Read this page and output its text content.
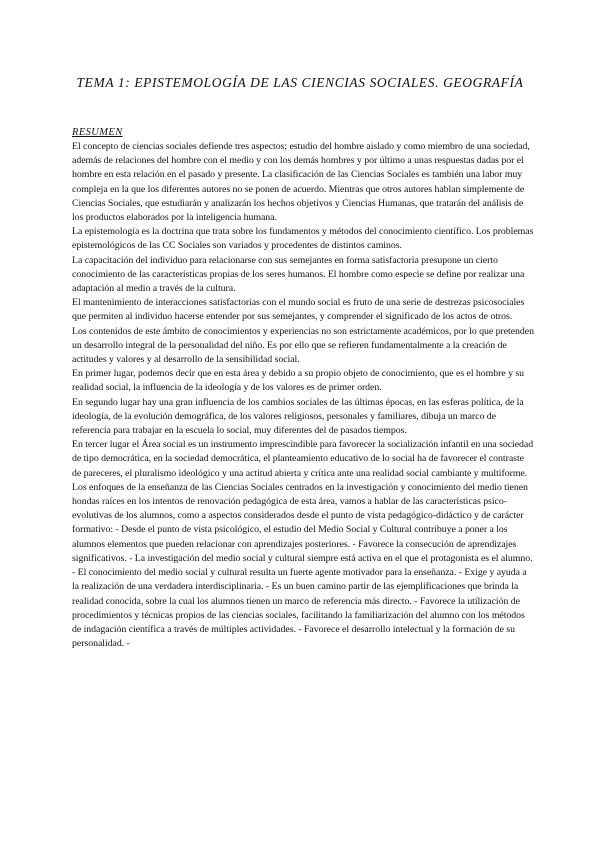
TEMA 1: EPISTEMOLOGÍA DE LAS CIENCIAS SOCIALES. GEOGRAFÍA
RESUMEN

El concepto de ciencias sociales defiende tres aspectos; estudio del hombre aislado y como miembro de una sociedad, además de relaciones del hombre con el medio y con los demás hombres y por último a unas respuestas dadas por el hombre en esta relación en el pasado y presente. La clasificación de las Ciencias Sociales es también una labor muy compleja en la que los diferentes autores no se ponen de acuerdo. Mientras que otros autores hablan simplemente de Ciencias Sociales, que estudiarán y analizarán los hechos objetivos y Ciencias Humanas, que tratarán del análisis de los productos elaborados por la inteligencia humana.

La epistemología es la doctrina que trata sobre los fundamentos y métodos del conocimiento científico. Los problemas epistemológicos de las CC Sociales son variados y procedentes de distintos caminos.

La capacitación del individuo para relacionarse con sus semejantes en forma satisfactoria presupone un cierto conocimiento de las características propias de los seres humanos. El hombre como especie se define por realizar una adaptación al medio a través de la cultura.

El mantenimiento de interacciones satisfactorias con el mundo social es fruto de una serie de destrezas psicosociales que permiten al individuo hacerse entender por sus semejantes, y comprender el significado de los actos de otros.

Los contenidos de este ámbito de conocimientos y experiencias no son estrictamente académicos, por lo que pretenden un desarrollo integral de la personalidad del niño. Es por ello que se refieren fundamentalmente a la creación de actitudes y valores y al desarrollo de la sensibilidad social.

En primer lugar, podemos decir que en esta área y debido a su propio objeto de conocimiento, que es el hombre y su realidad social, la influencia de la ideología y de los valores es de primer orden.

En segundo lugar hay una gran influencia de los cambios sociales de las últimas épocas, en las esferas política, de la ideología, de la evolución demográfica, de los valores religiosos, personales y familiares, dibuja un marco de referencia para trabajar en la escuela lo social, muy diferentes del de pasados tiempos.

En tercer lugar el Área social es un instrumento imprescindible para favorecer la socialización infantil en una sociedad de tipo democrática, en la sociedad democrática, el planteamiento educativo de lo social ha de favorecer el contraste de pareceres, el pluralismo ideológico y una actitud abierta y crítica ante una realidad social cambiante y multiforme.

Los enfoques de la enseñanza de las Ciencias Sociales centrados en la investigación y conocimiento del medio tienen hondas raíces en los intentos de renovación pedagógica de esta área, vamos a hablar de las características psico-evolutivas de los alumnos, como a aspectos considerados desde el punto de vista pedagógico-didáctico y de carácter formativo: - Desde el punto de vista psicológico, el estudio del Medio Social y Cultural contribuye a poner a los alumnos elementos que pueden relacionar con aprendizajes posteriores. - Favorece la consecución de aprendizajes significativos. - La investigación del medio social y cultural siempre está activa en el que el protagonista es el alumno. - El conocimiento del medio social y cultural resulta un fuerte agente motivador para la enseñanza. - Exige y ayuda a la realización de una verdadera interdisciplinaria. - Es un buen camino partir de las ejemplificaciones que brinda la realidad conocida, sobre la cual los alumnos tienen un marco de referencia más directo. - Favorece la utilización de procedimientos y técnicas propios de las ciencias sociales, facilitando la familiarización del alumno con los métodos de indagación científica a través de múltiples actividades. - Favorece el desarrollo intelectual y la formación de su personalidad. -
